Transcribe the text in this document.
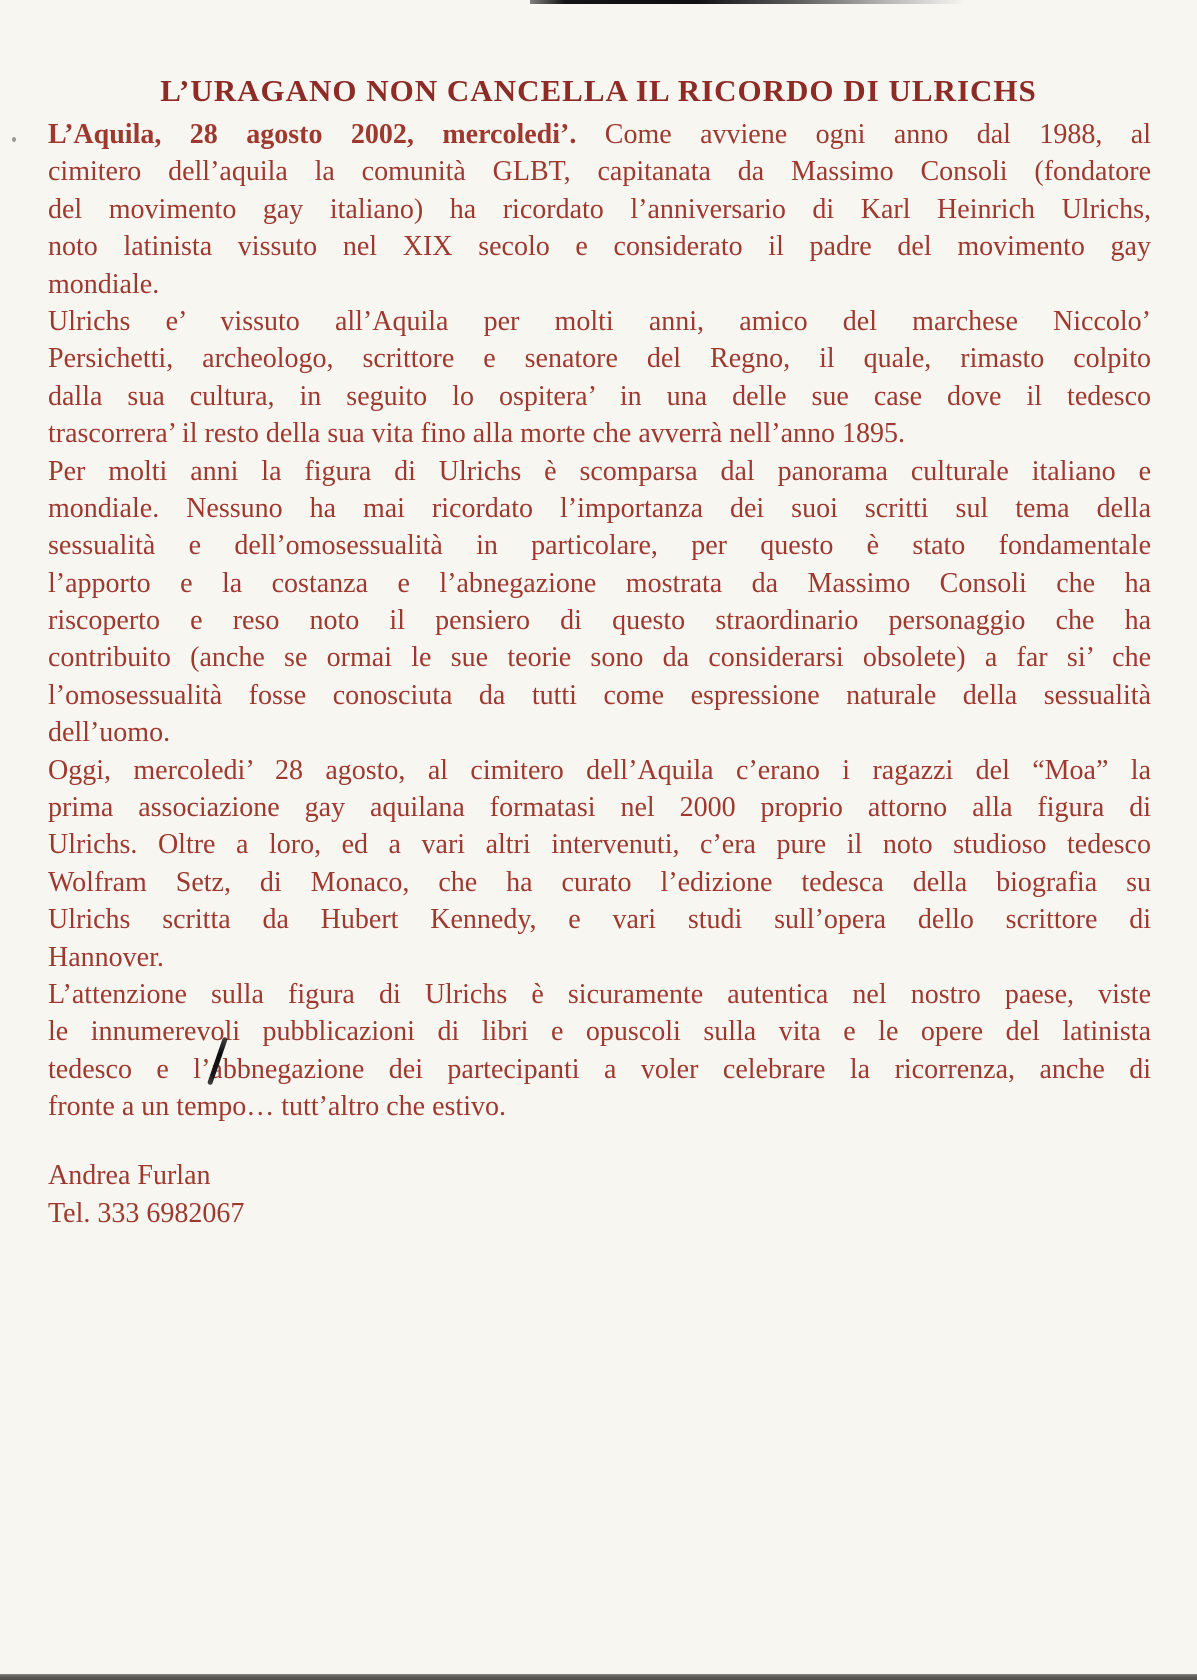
L’URAGANO NON CANCELLA IL RICORDO DI ULRICHS
L’Aquila, 28 agosto 2002, mercoledi’. Come avviene ogni anno dal 1988, al
cimitero dell’aquila la comunità GLBT, capitanata da Massimo Consoli (fondatore
del movimento gay italiano) ha ricordato l’anniversario di Karl Heinrich Ulrichs,
noto latinista vissuto nel XIX secolo e considerato il padre del movimento gay
mondiale.
Ulrichs e’ vissuto all’Aquila per molti anni, amico del marchese Niccolo’
Persichetti, archeologo, scrittore e senatore del Regno, il quale, rimasto colpito
dalla sua cultura, in seguito lo ospitera’ in una delle sue case dove il tedesco
trascorrera’ il resto della sua vita fino alla morte che avverrà nell’anno 1895.
Per molti anni la figura di Ulrichs è scomparsa dal panorama culturale italiano e
mondiale. Nessuno ha mai ricordato l’importanza dei suoi scritti sul tema della
sessualità e dell’omosessualità in particolare, per questo è stato fondamentale
l’apporto e la costanza e l’abnegazione mostrata da Massimo Consoli che ha
riscoperto e reso noto il pensiero di questo straordinario personaggio che ha
contribuito (anche se ormai le sue teorie sono da considerarsi obsolete) a far si’ che
l’omosessualità fosse conosciuta da tutti come espressione naturale della sessualità
dell’uomo.
Oggi, mercoledi’ 28 agosto, al cimitero dell’Aquila c’erano i ragazzi del “Moa” la
prima associazione gay aquilana formatasi nel 2000 proprio attorno alla figura di
Ulrichs. Oltre a loro, ed a vari altri intervenuti, c’era pure il noto studioso tedesco
Wolfram Setz, di Monaco, che ha curato l’edizione tedesca della biografia su
Ulrichs scritta da Hubert Kennedy, e vari studi sull’opera dello scrittore di
Hannover.
L’attenzione sulla figura di Ulrichs è sicuramente autentica nel nostro paese, viste
le innumerevoli pubblicazioni di libri e opuscoli sulla vita e le opere del latinista
tedesco e l’abbnegazione dei partecipanti a voler celebrare la ricorrenza, anche di
fronte a un tempo… tutt’altro che estivo.
Andrea Furlan
Tel. 333 6982067
